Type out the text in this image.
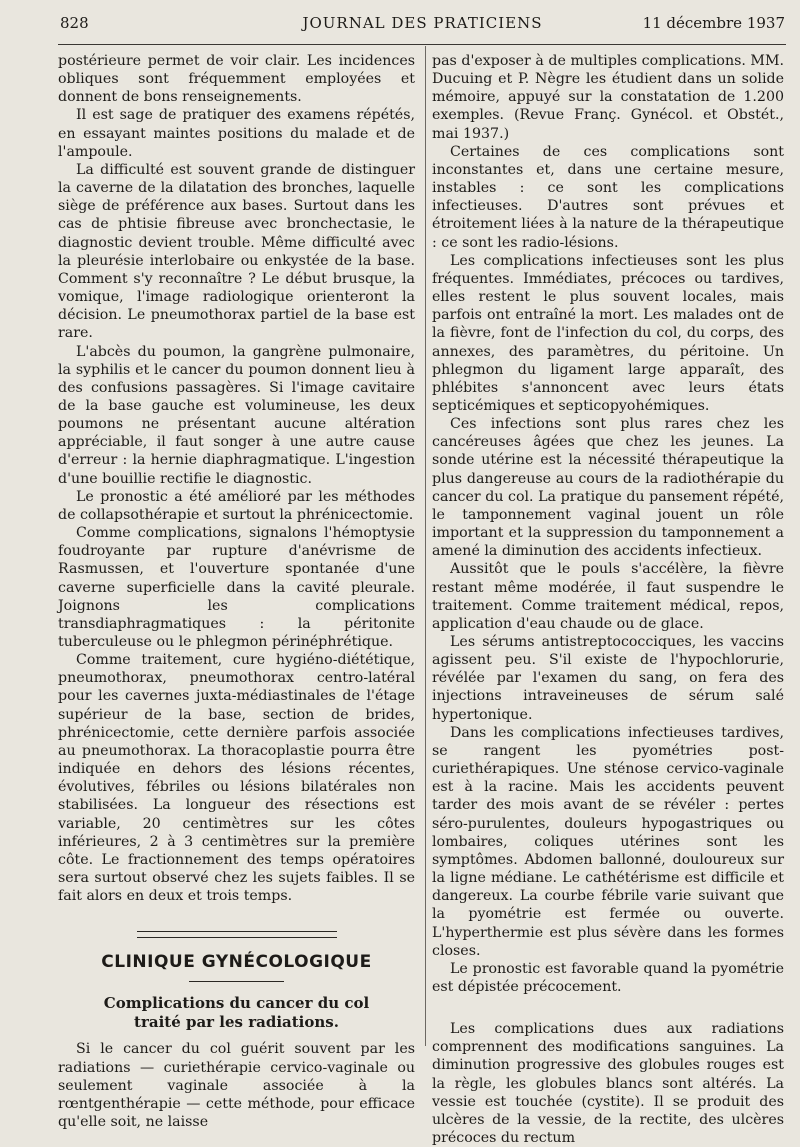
828	JOURNAL DES PRATICIENS	11 décembre 1937

postérieure permet de voir clair. Les incidences obliques sont fréquemment employées et donnent de bons renseignements.

Il est sage de pratiquer des examens répétés, en essayant maintes positions du malade et de l'ampoule.

La difficulté est souvent grande de distinguer la caverne de la dilatation des bronches, laquelle siège de préférence aux bases. Surtout dans les cas de phtisie fibreuse avec bronchectasie, le diagnostic devient trouble. Même difficulté avec la pleurésie interlobaire ou enkystée de la base. Comment s'y reconnaître ? Le début brusque, la vomique, l'image radiologique orienteront la décision. Le pneumothorax partiel de la base est rare.

L'abcès du poumon, la gangrène pulmonaire, la syphilis et le cancer du poumon donnent lieu à des confusions passagères. Si l'image cavitaire de la base gauche est volumineuse, les deux poumons ne présentant aucune altération appréciable, il faut songer à une autre cause d'erreur : la hernie diaphragmatique. L'ingestion d'une bouillie rectifie le diagnostic.

Le pronostic a été amélioré par les méthodes de collapsothérapie et surtout la phrénicectomie.

Comme complications, signalons l'hémoptysie foudroyante par rupture d'anévrisme de Rasmussen, et l'ouverture spontanée d'une caverne superficielle dans la cavité pleurale. Joignons les complications transdiaphragmatiques : la péritonite tuberculeuse ou le phlegmon périnéphrétique.

Comme traitement, cure hygiéno-diététique, pneumothorax, pneumothorax centro-latéral pour les cavernes juxta-médiastinales de l'étage supérieur de la base, section de brides, phrénicectomie, cette dernière parfois associée au pneumothorax. La thoracoplastie pourra être indiquée en dehors des lésions récentes, évolutives, fébriles ou lésions bilatérales non stabilisées. La longueur des résections est variable, 20 centimètres sur les côtes inférieures, 2 à 3 centimètres sur la première côte. Le fractionnement des temps opératoires sera surtout observé chez les sujets faibles. Il se fait alors en deux et trois temps.

CLINIQUE GYNÉCOLOGIQUE
Complications du cancer du col
traité par les radiations.

Si le cancer du col guérit souvent par les radiations — curiethérapie cervico-vaginale ou seulement vaginale associée à la rœntgenthérapie — cette méthode, pour efficace qu'elle soit, ne laisse

pas d'exposer à de multiples complications. MM. Ducuing et P. Nègre les étudient dans un solide mémoire, appuyé sur la constatation de 1.200 exemples. (Revue Franç. Gynécol. et Obstét., mai 1937.)

Certaines de ces complications sont inconstantes et, dans une certaine mesure, instables : ce sont les complications infectieuses. D'autres sont prévues et étroitement liées à la nature de la thérapeutique : ce sont les radio-lésions.

Les complications infectieuses sont les plus fréquentes. Immédiates, précoces ou tardives, elles restent le plus souvent locales, mais parfois ont entraîné la mort. Les malades ont de la fièvre, font de l'infection du col, du corps, des annexes, des paramètres, du péritoine. Un phlegmon du ligament large apparaît, des phlébites s'annoncent avec leurs états septicémiques et septicopyohémiques.

Ces infections sont plus rares chez les cancéreuses âgées que chez les jeunes. La sonde utérine est la nécessité thérapeutique la plus dangereuse au cours de la radiothérapie du cancer du col. La pratique du pansement répété, le tamponnement vaginal jouent un rôle important et la suppression du tamponnement a amené la diminution des accidents infectieux.

Aussitôt que le pouls s'accélère, la fièvre restant même modérée, il faut suspendre le traitement. Comme traitement médical, repos, application d'eau chaude ou de glace.

Les sérums antistreptococciques, les vaccins agissent peu. S'il existe de l'hypochlorurie, révélée par l'examen du sang, on fera des injections intraveineuses de sérum salé hypertonique.

Dans les complications infectieuses tardives, se rangent les pyométries post-curiethérapiques. Une sténose cervico-vaginale est à la racine. Mais les accidents peuvent tarder des mois avant de se révéler : pertes séro-purulentes, douleurs hypogastriques ou lombaires, coliques utérines sont les symptômes. Abdomen ballonné, douloureux sur la ligne médiane. Le cathétérisme est difficile et dangereux. La courbe fébrile varie suivant que la pyométrie est fermée ou ouverte. L'hyperthermie est plus sévère dans les formes closes.

Le pronostic est favorable quand la pyométrie est dépistée précocement.

Les complications dues aux radiations comprennent des modifications sanguines. La diminution progressive des globules rouges est la règle, les globules blancs sont altérés. La vessie est touchée (cystite). Il se produit des ulcères de la vessie, de la rectite, des ulcères précoces du rectum
